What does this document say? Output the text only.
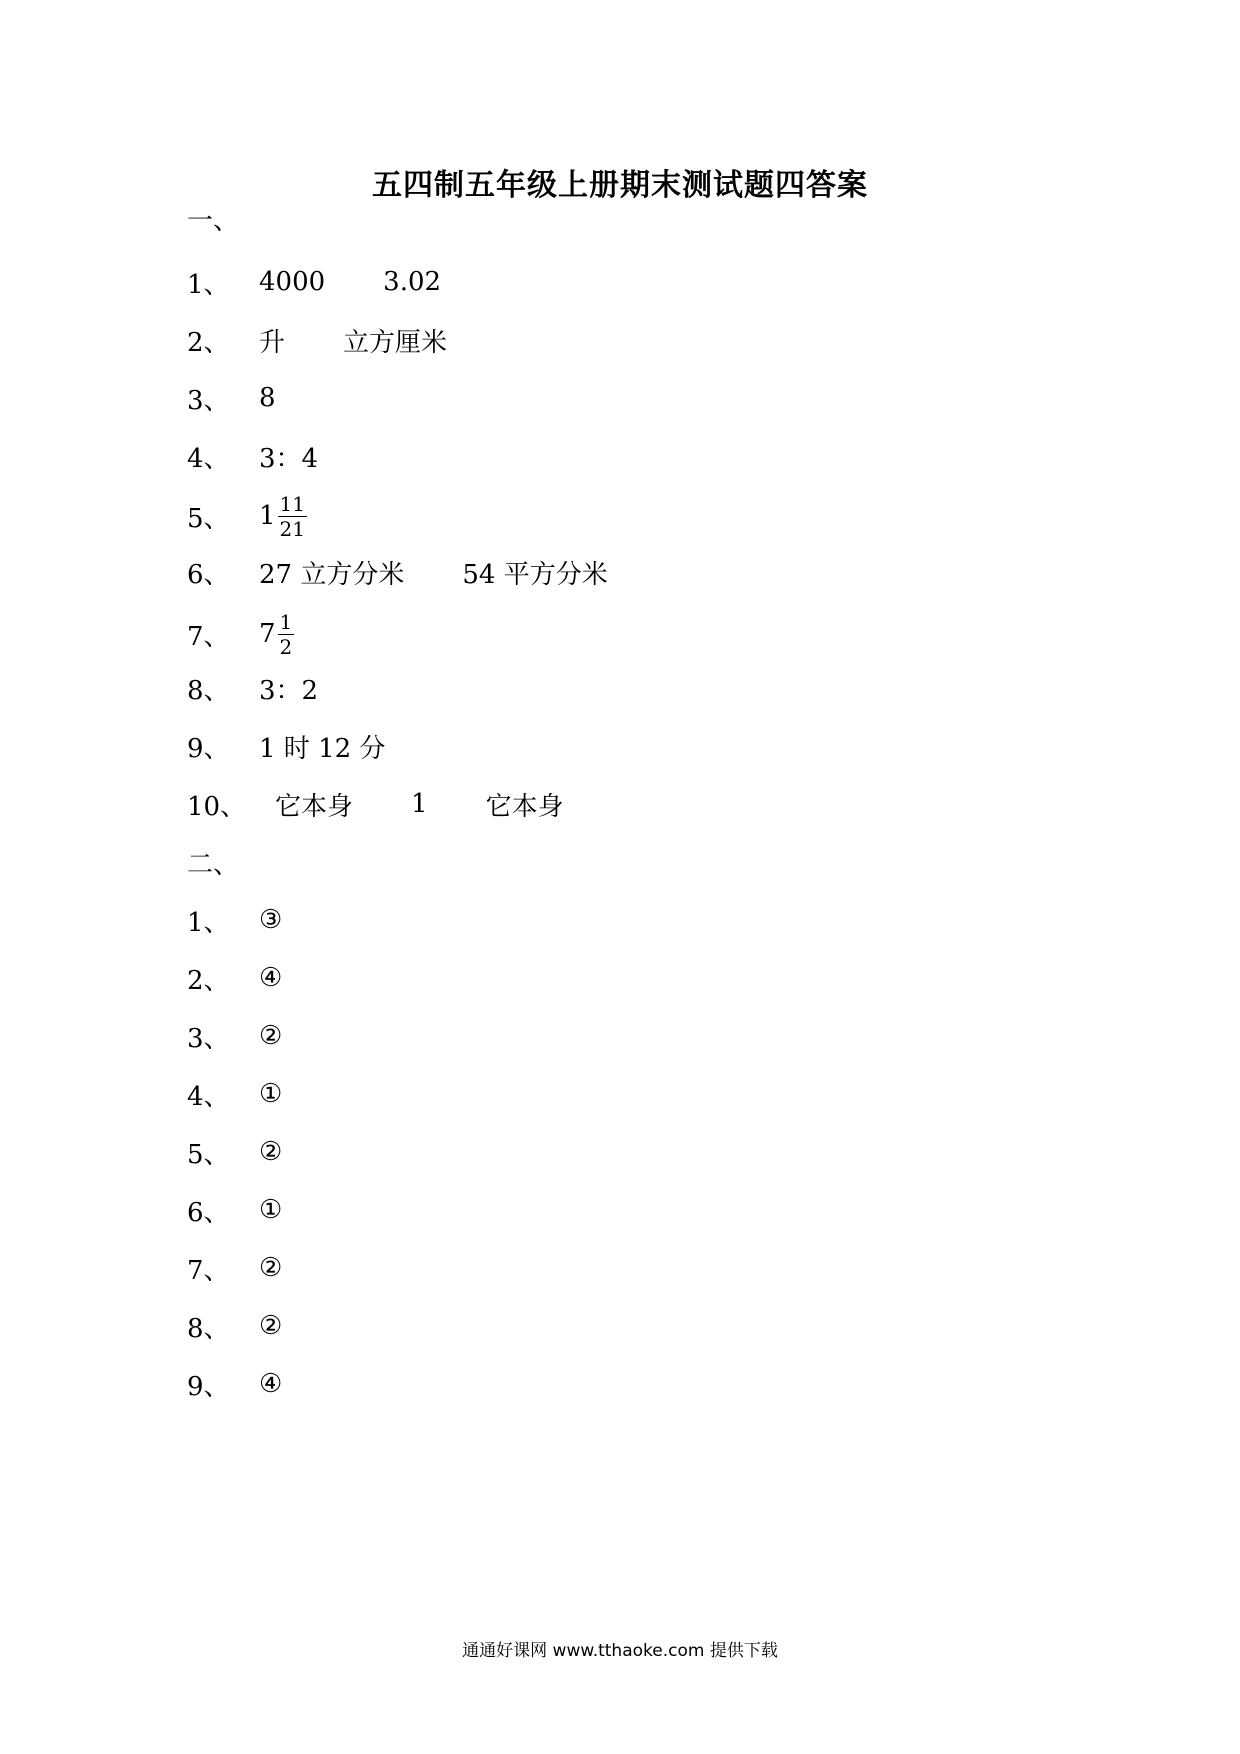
五四制五年级上册期末测试题四答案
一、
1、	4000 3.02
2、	升 立方厘米
3、	8
4、	3：4
5、	$1 \frac{11}{21}$
6、	27 立方分米 54 平方分米
7、	$7 \frac{1}{2}$
8、	3：2
9、	1 时 12 分
10、	它本身 1 它本身
二、
1、	③
2、	④
3、	②
4、	①
5、	②
6、	①
7、	②
8、	②
9、	④
通通好课网 www.tthaoke.com 提供下载
